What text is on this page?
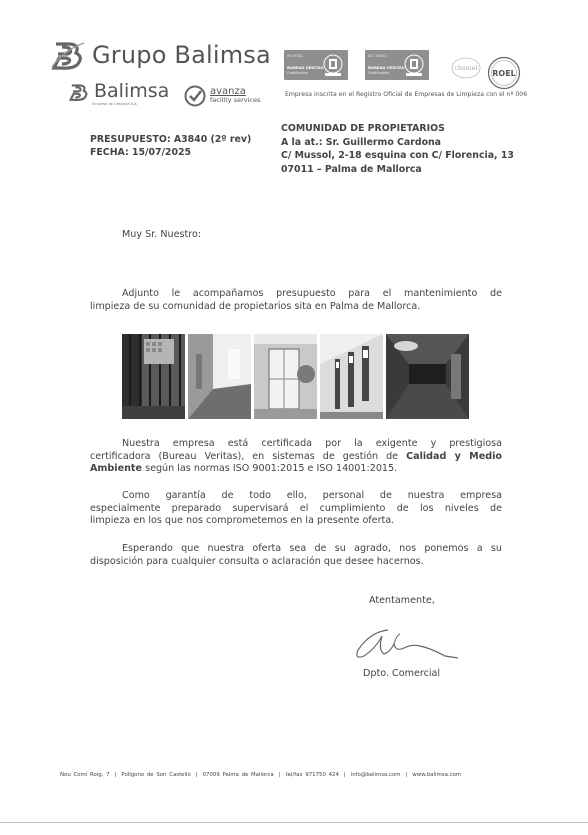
Grupo Balimsa
Balimsa
Empresa de Limpieza S.A.
avanza
facility services
ISO 9001
BUREAU VERITAS
Certification
ISO 14001
BUREAU VERITAS
Certification
chsmel
ROEL
Empresa inscrita en el Registro Oficial de Empresas de Limpieza con el nº 006
PRESUPUESTO: A3840 (2º rev)
FECHA: 15/07/2025
COMUNIDAD DE PROPIETARIOS
A la at.: Sr. Guillermo Cardona
C/ Mussol, 2-18 esquina con C/ Florencia, 13
07011 – Palma de Mallorca
Muy Sr. Nuestro:
Adjunto le acompañamos presupuesto para el mantenimiento de
limpieza de su comunidad de propietarios sita en Palma de Mallorca.
Nuestra empresa está certificada por la exigente y prestigiosa
certificadora (Bureau Veritas), en sistemas de gestión de Calidad y Medio
Ambiente según las normas ISO 9001:2015 e ISO 14001:2015.
Como garantía de todo ello, personal de nuestra empresa
especialmente preparado supervisará el cumplimiento de los niveles de
limpieza en los que nos comprometemos en la presente oferta.
Esperando que nuestra oferta sea de su agrado, nos ponemos a su
disposición para cualquier consulta o aclaración que desee hacernos.
Atentamente,
Dpto. Comercial
Nou Comí Roig, 7 | Polígono de Son Castelló | 07009 Palma de Mallorca | tel/fax 971750 424 | info@balimsa.com | www.balimsa.com
